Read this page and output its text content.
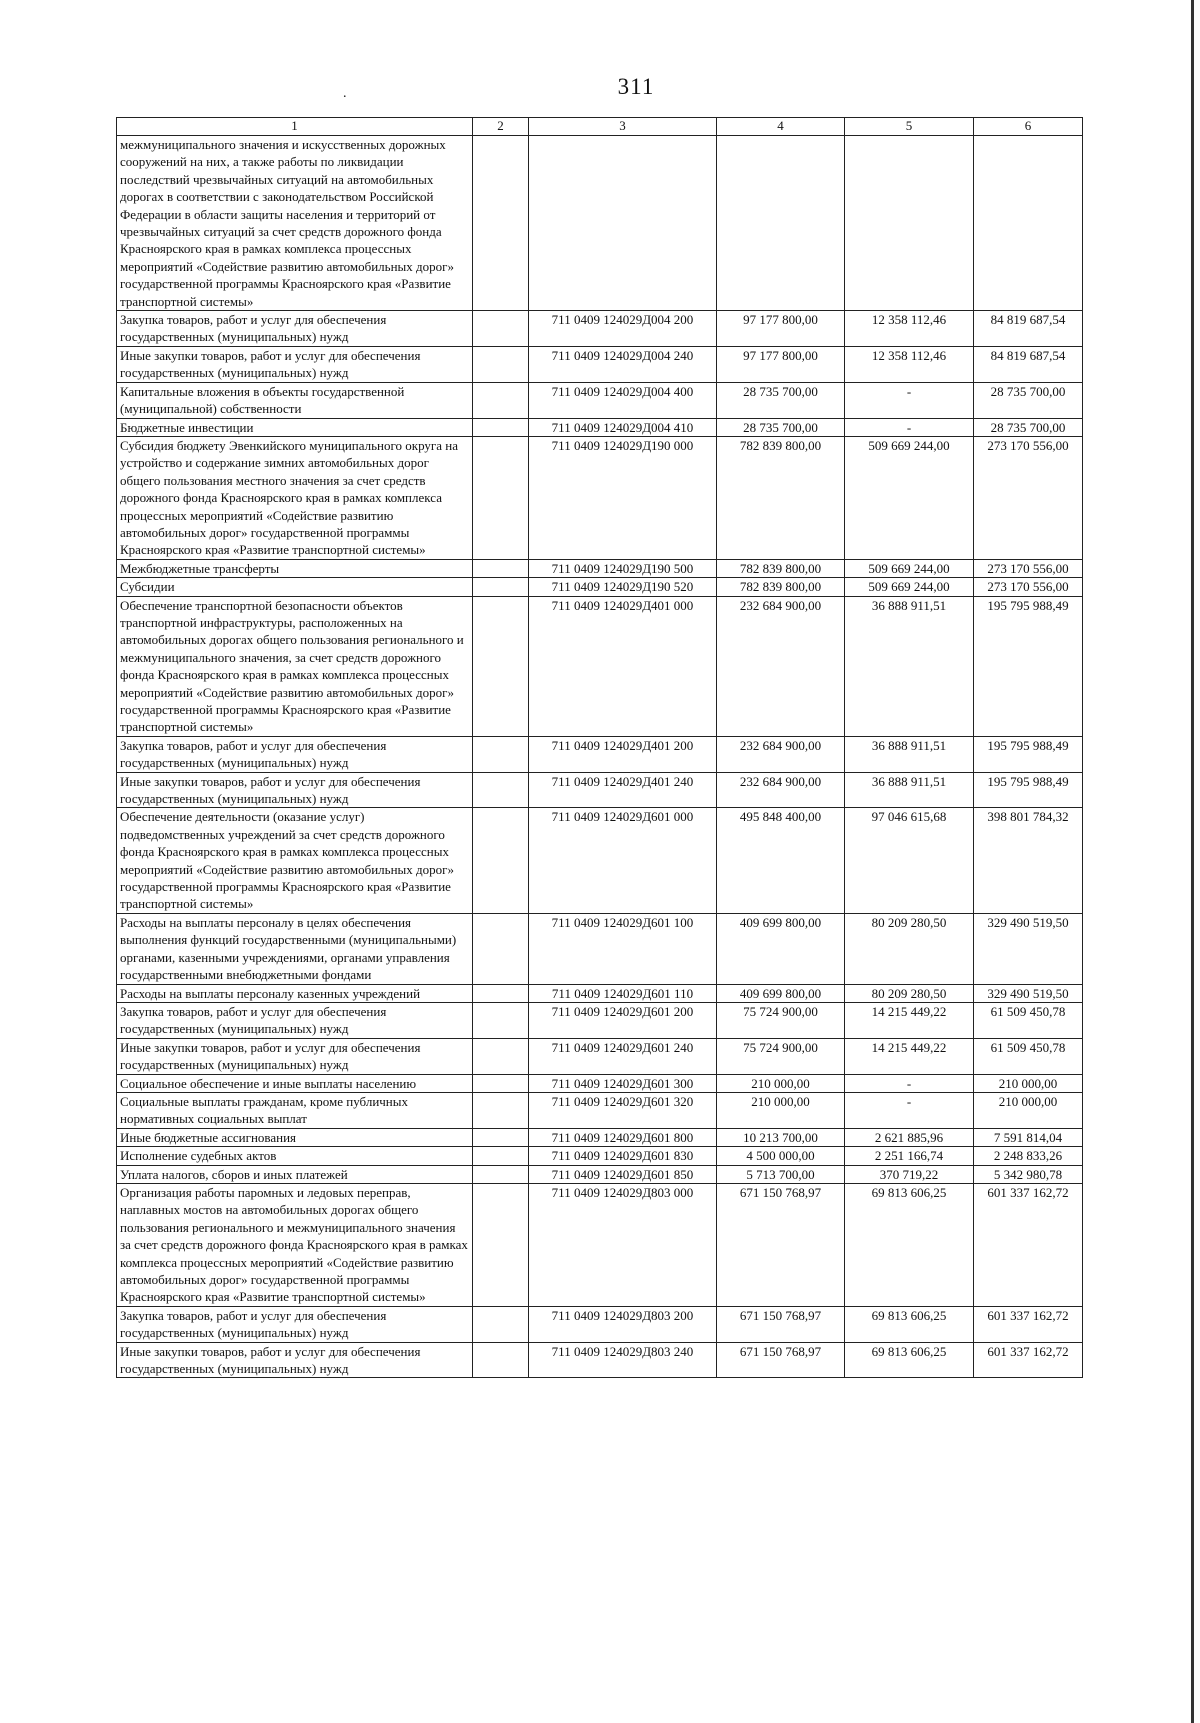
311
.
1	2	3	4	5	6
межмуниципального значения и искусственных дорожных сооружений на них, а также работы по ликвидации последствий чрезвычайных ситуаций на автомобильных дорогах в соответствии с законодательством Российской Федерации в области защиты населения и территорий от чрезвычайных ситуаций за счет средств дорожного фонда Красноярского края в рамках комплекса процессных мероприятий «Содействие развитию автомобильных дорог» государственной программы Красноярского края «Развитие транспортной системы»					
Закупка товаров, работ и услуг для обеспечения государственных (муниципальных) нужд		711 0409 124029Д004 200	97 177 800,00	12 358 112,46	84 819 687,54
Иные закупки товаров, работ и услуг для обеспечения государственных (муниципальных) нужд		711 0409 124029Д004 240	97 177 800,00	12 358 112,46	84 819 687,54
Капитальные вложения в объекты государственной (муниципальной) собственности		711 0409 124029Д004 400	28 735 700,00	-	28 735 700,00
Бюджетные инвестиции		711 0409 124029Д004 410	28 735 700,00	-	28 735 700,00
Субсидия бюджету Эвенкийского муниципального округа на устройство и содержание зимних автомобильных дорог общего пользования местного значения за счет средств дорожного фонда Красноярского края в рамках комплекса процессных мероприятий «Содействие развитию автомобильных дорог» государственной программы Красноярского края «Развитие транспортной системы»		711 0409 124029Д190 000	782 839 800,00	509 669 244,00	273 170 556,00
Межбюджетные трансферты		711 0409 124029Д190 500	782 839 800,00	509 669 244,00	273 170 556,00
Субсидии		711 0409 124029Д190 520	782 839 800,00	509 669 244,00	273 170 556,00
Обеспечение транспортной безопасности объектов транспортной инфраструктуры, расположенных на автомобильных дорогах общего пользования регионального и межмуниципального значения, за счет средств дорожного фонда Красноярского края в рамках комплекса процессных мероприятий «Содействие развитию автомобильных дорог» государственной программы Красноярского края «Развитие транспортной системы»		711 0409 124029Д401 000	232 684 900,00	36 888 911,51	195 795 988,49
Закупка товаров, работ и услуг для обеспечения государственных (муниципальных) нужд		711 0409 124029Д401 200	232 684 900,00	36 888 911,51	195 795 988,49
Иные закупки товаров, работ и услуг для обеспечения государственных (муниципальных) нужд		711 0409 124029Д401 240	232 684 900,00	36 888 911,51	195 795 988,49
Обеспечение деятельности (оказание услуг) подведомственных учреждений за счет средств дорожного фонда Красноярского края в рамках комплекса процессных мероприятий «Содействие развитию автомобильных дорог» государственной программы Красноярского края «Развитие транспортной системы»		711 0409 124029Д601 000	495 848 400,00	97 046 615,68	398 801 784,32
Расходы на выплаты персоналу в целях обеспечения выполнения функций государственными (муниципальными) органами, казенными учреждениями, органами управления государственными внебюджетными фондами		711 0409 124029Д601 100	409 699 800,00	80 209 280,50	329 490 519,50
Расходы на выплаты персоналу казенных учреждений		711 0409 124029Д601 110	409 699 800,00	80 209 280,50	329 490 519,50
Закупка товаров, работ и услуг для обеспечения государственных (муниципальных) нужд		711 0409 124029Д601 200	75 724 900,00	14 215 449,22	61 509 450,78
Иные закупки товаров, работ и услуг для обеспечения государственных (муниципальных) нужд		711 0409 124029Д601 240	75 724 900,00	14 215 449,22	61 509 450,78
Социальное обеспечение и иные выплаты населению		711 0409 124029Д601 300	210 000,00	-	210 000,00
Социальные выплаты гражданам, кроме публичных нормативных социальных выплат		711 0409 124029Д601 320	210 000,00	-	210 000,00
Иные бюджетные ассигнования		711 0409 124029Д601 800	10 213 700,00	2 621 885,96	7 591 814,04
Исполнение судебных актов		711 0409 124029Д601 830	4 500 000,00	2 251 166,74	2 248 833,26
Уплата налогов, сборов и иных платежей		711 0409 124029Д601 850	5 713 700,00	370 719,22	5 342 980,78
Организация работы паромных и ледовых переправ, наплавных мостов на автомобильных дорогах общего пользования регионального и межмуниципального значения за счет средств дорожного фонда Красноярского края в рамках комплекса процессных мероприятий «Содействие развитию автомобильных дорог» государственной программы Красноярского края «Развитие транспортной системы»		711 0409 124029Д803 000	671 150 768,97	69 813 606,25	601 337 162,72
Закупка товаров, работ и услуг для обеспечения государственных (муниципальных) нужд		711 0409 124029Д803 200	671 150 768,97	69 813 606,25	601 337 162,72
Иные закупки товаров, работ и услуг для обеспечения государственных (муниципальных) нужд		711 0409 124029Д803 240	671 150 768,97	69 813 606,25	601 337 162,72
